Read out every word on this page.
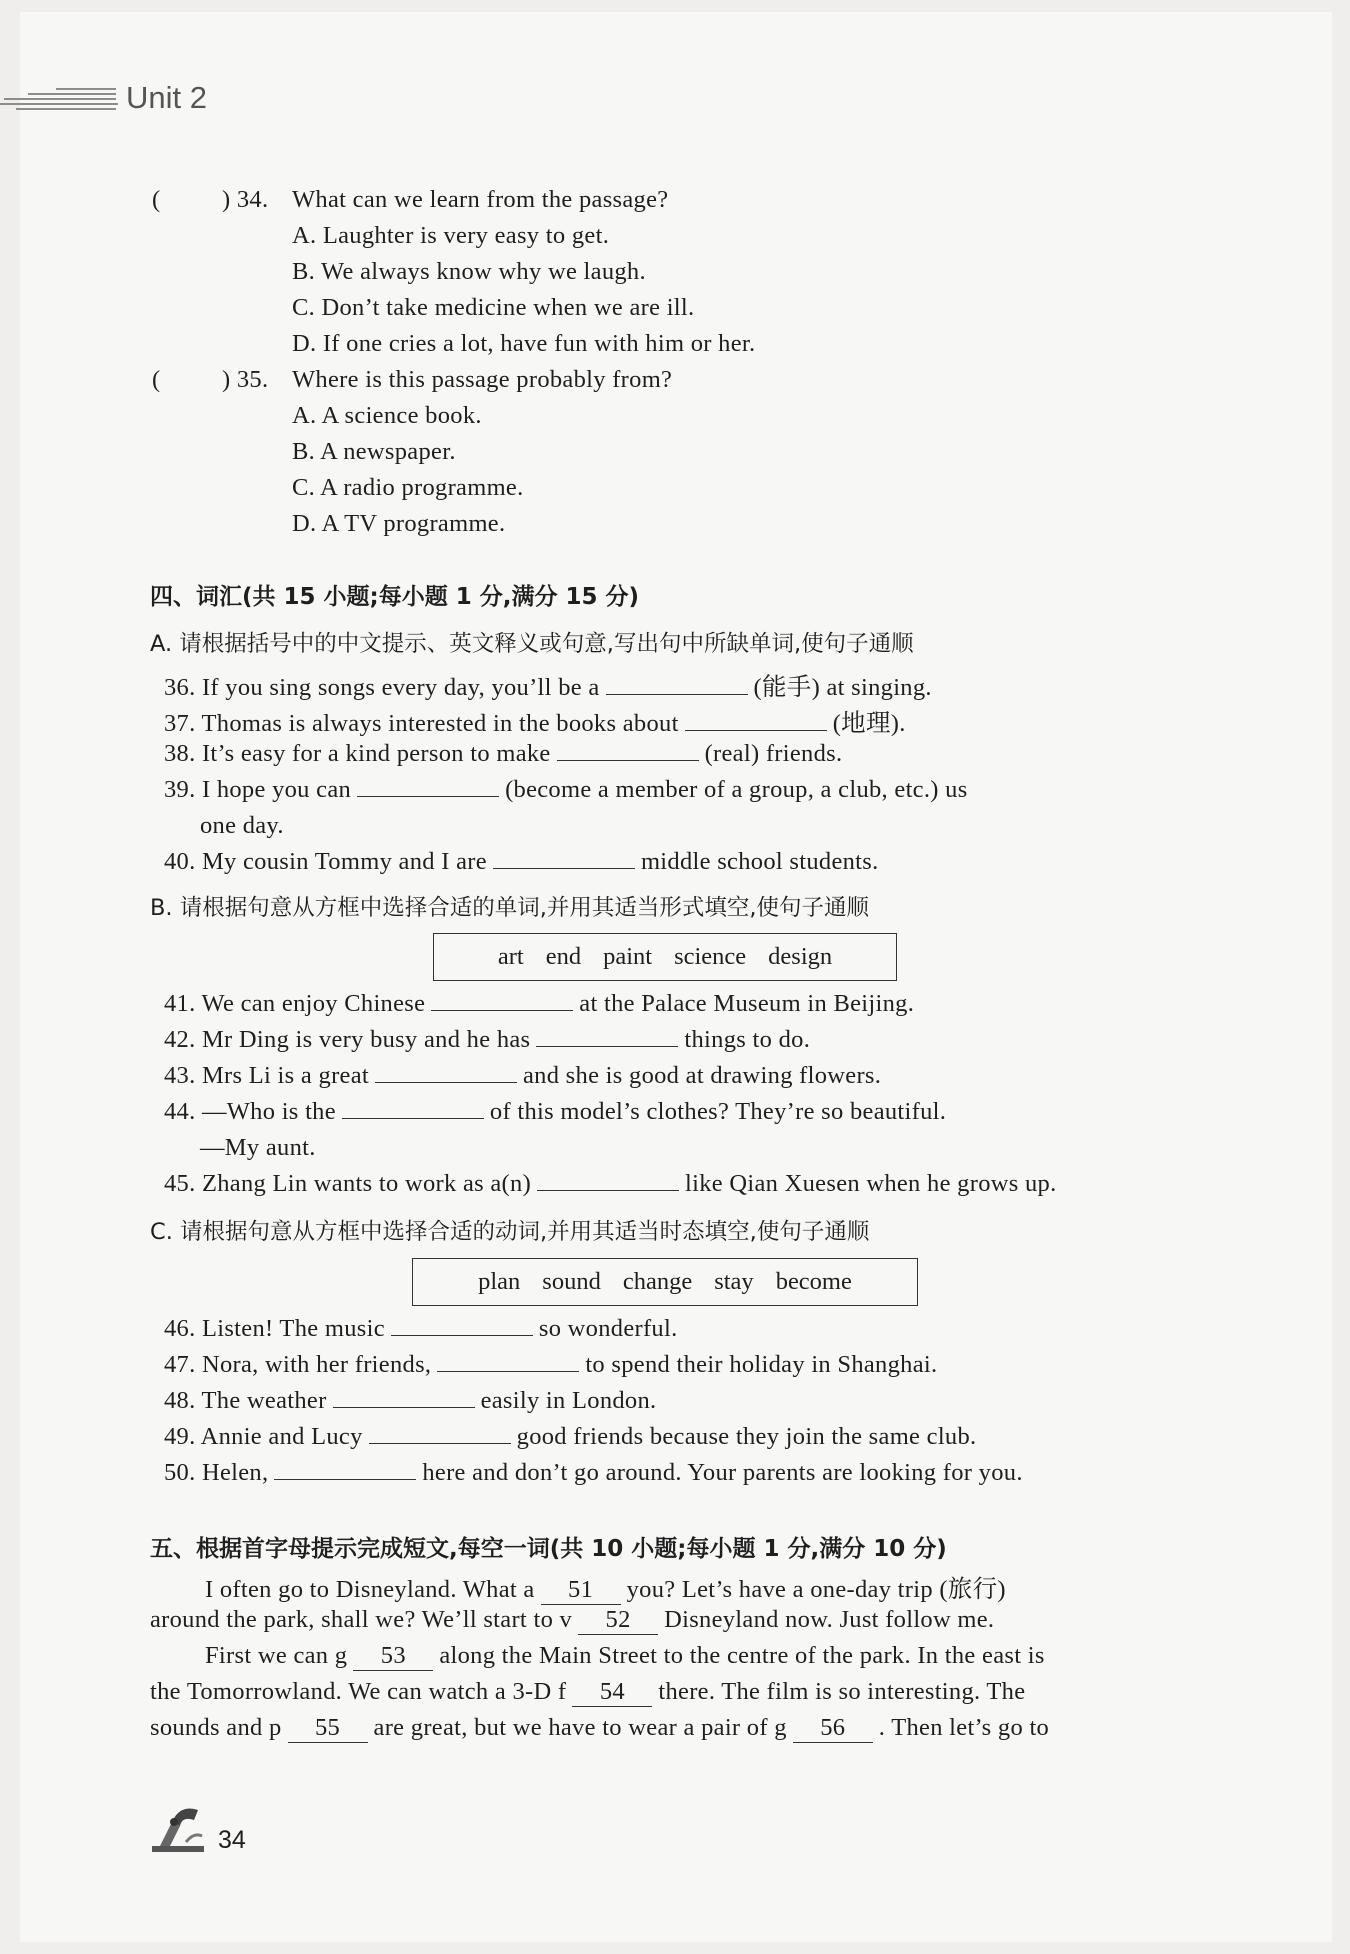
Unit 2
(	) 34. What can we learn from the passage?
A. Laughter is very easy to get.
B. We always know why we laugh.
C. Don’t take medicine when we are ill.
D. If one cries a lot, have fun with him or her.
(	) 35. Where is this passage probably from?
A. A science book.
B. A newspaper.
C. A radio programme.
D. A TV programme.
四、词汇(共 15 小题;每小题 1 分,满分 15 分)
A. 请根据括号中的中文提示、英文释义或句意,写出句中所缺单词,使句子通顺
36. If you sing songs every day, you’ll be a	(能手) at singing.
37. Thomas is always interested in the books about	(地理).
38. It’s easy for a kind person to make	(real) friends.
39. I hope you can	(become a member of a group, a club, etc.) us
one day.
40. My cousin Tommy and I are	middle school students.
B. 请根据句意从方框中选择合适的单词,并用其适当形式填空,使句子通顺
art end paint science design
41. We can enjoy Chinese	at the Palace Museum in Beijing.
42. Mr Ding is very busy and he has	things to do.
43. Mrs Li is a great	and she is good at drawing flowers.
44. —Who is the	of this model’s clothes? They’re so beautiful.
—My aunt.
45. Zhang Lin wants to work as a(n)	like Qian Xuesen when he grows up.
C. 请根据句意从方框中选择合适的动词,并用其适当时态填空,使句子通顺
plan sound change stay become
46. Listen! The music	so wonderful.
47. Nora, with her friends,	to spend their holiday in Shanghai.
48. The weather	easily in London.
49. Annie and Lucy	good friends because they join the same club.
50. Helen,	here and don’t go around. Your parents are looking for you.
五、根据首字母提示完成短文,每空一词(共 10 小题;每小题 1 分,满分 10 分)
I often go to Disneyland. What a 51 you? Let’s have a one-day trip (旅行)
around the park, shall we? We’ll start to v 52 Disneyland now. Just follow me.
First we can g 53 along the Main Street to the centre of the park. In the east is
the Tomorrowland. We can watch a 3-D f 54 there. The film is so interesting. The
sounds and p 55 are great, but we have to wear a pair of g 56 . Then let’s go to
34
